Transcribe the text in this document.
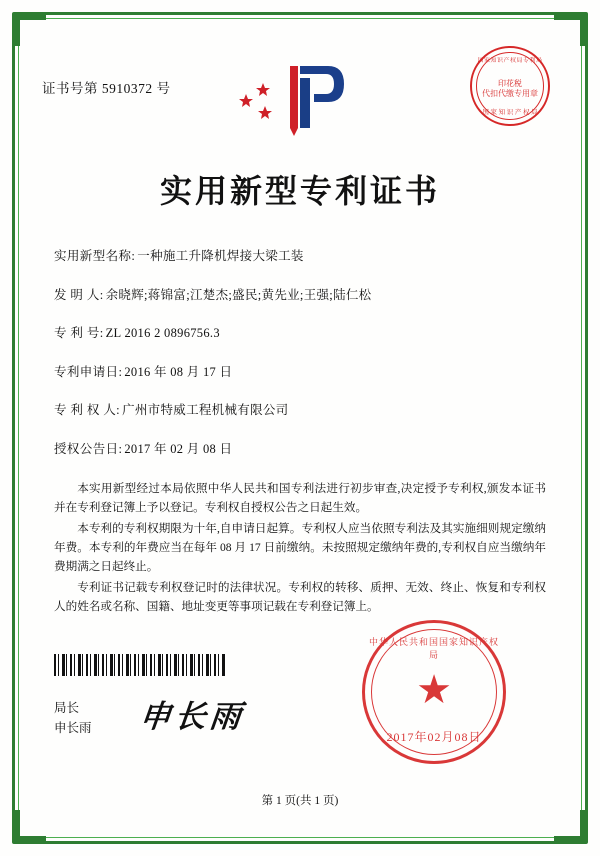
证书号第 5910372 号
国家知识产权局专利局
印花税
代扣代缴专用章
国 家 知 识 产 权 局
实用新型专利证书
实用新型名称: 一种施工升降机焊接大梁工装
发 明 人: 余晓辉;蒋锦富;江楚杰;盛民;黄先业;王强;陆仁松
专 利 号: ZL 2016 2 0896756.3
专利申请日: 2016 年 08 月 17 日
专 利 权 人: 广州市特威工程机械有限公司
授权公告日: 2017 年 02 月 08 日

本实用新型经过本局依照中华人民共和国专利法进行初步审查,决定授予专利权,颁发本证书并在专利登记簿上予以登记。专利权自授权公告之日起生效。

本专利的专利权期限为十年,自申请日起算。专利权人应当依照专利法及其实施细则规定缴纳年费。本专利的年费应当在每年 08 月 17 日前缴纳。未按照规定缴纳年费的,专利权自应当缴纳年费期满之日起终止。

专利证书记载专利权登记时的法律状况。专利权的转移、质押、无效、终止、恢复和专利权人的姓名或名称、国籍、地址变更等事项记载在专利登记簿上。

局长
申长雨 申长雨
中华人民共和国国家知识产权局
★
2017年02月08日
第 1 页(共 1 页)
